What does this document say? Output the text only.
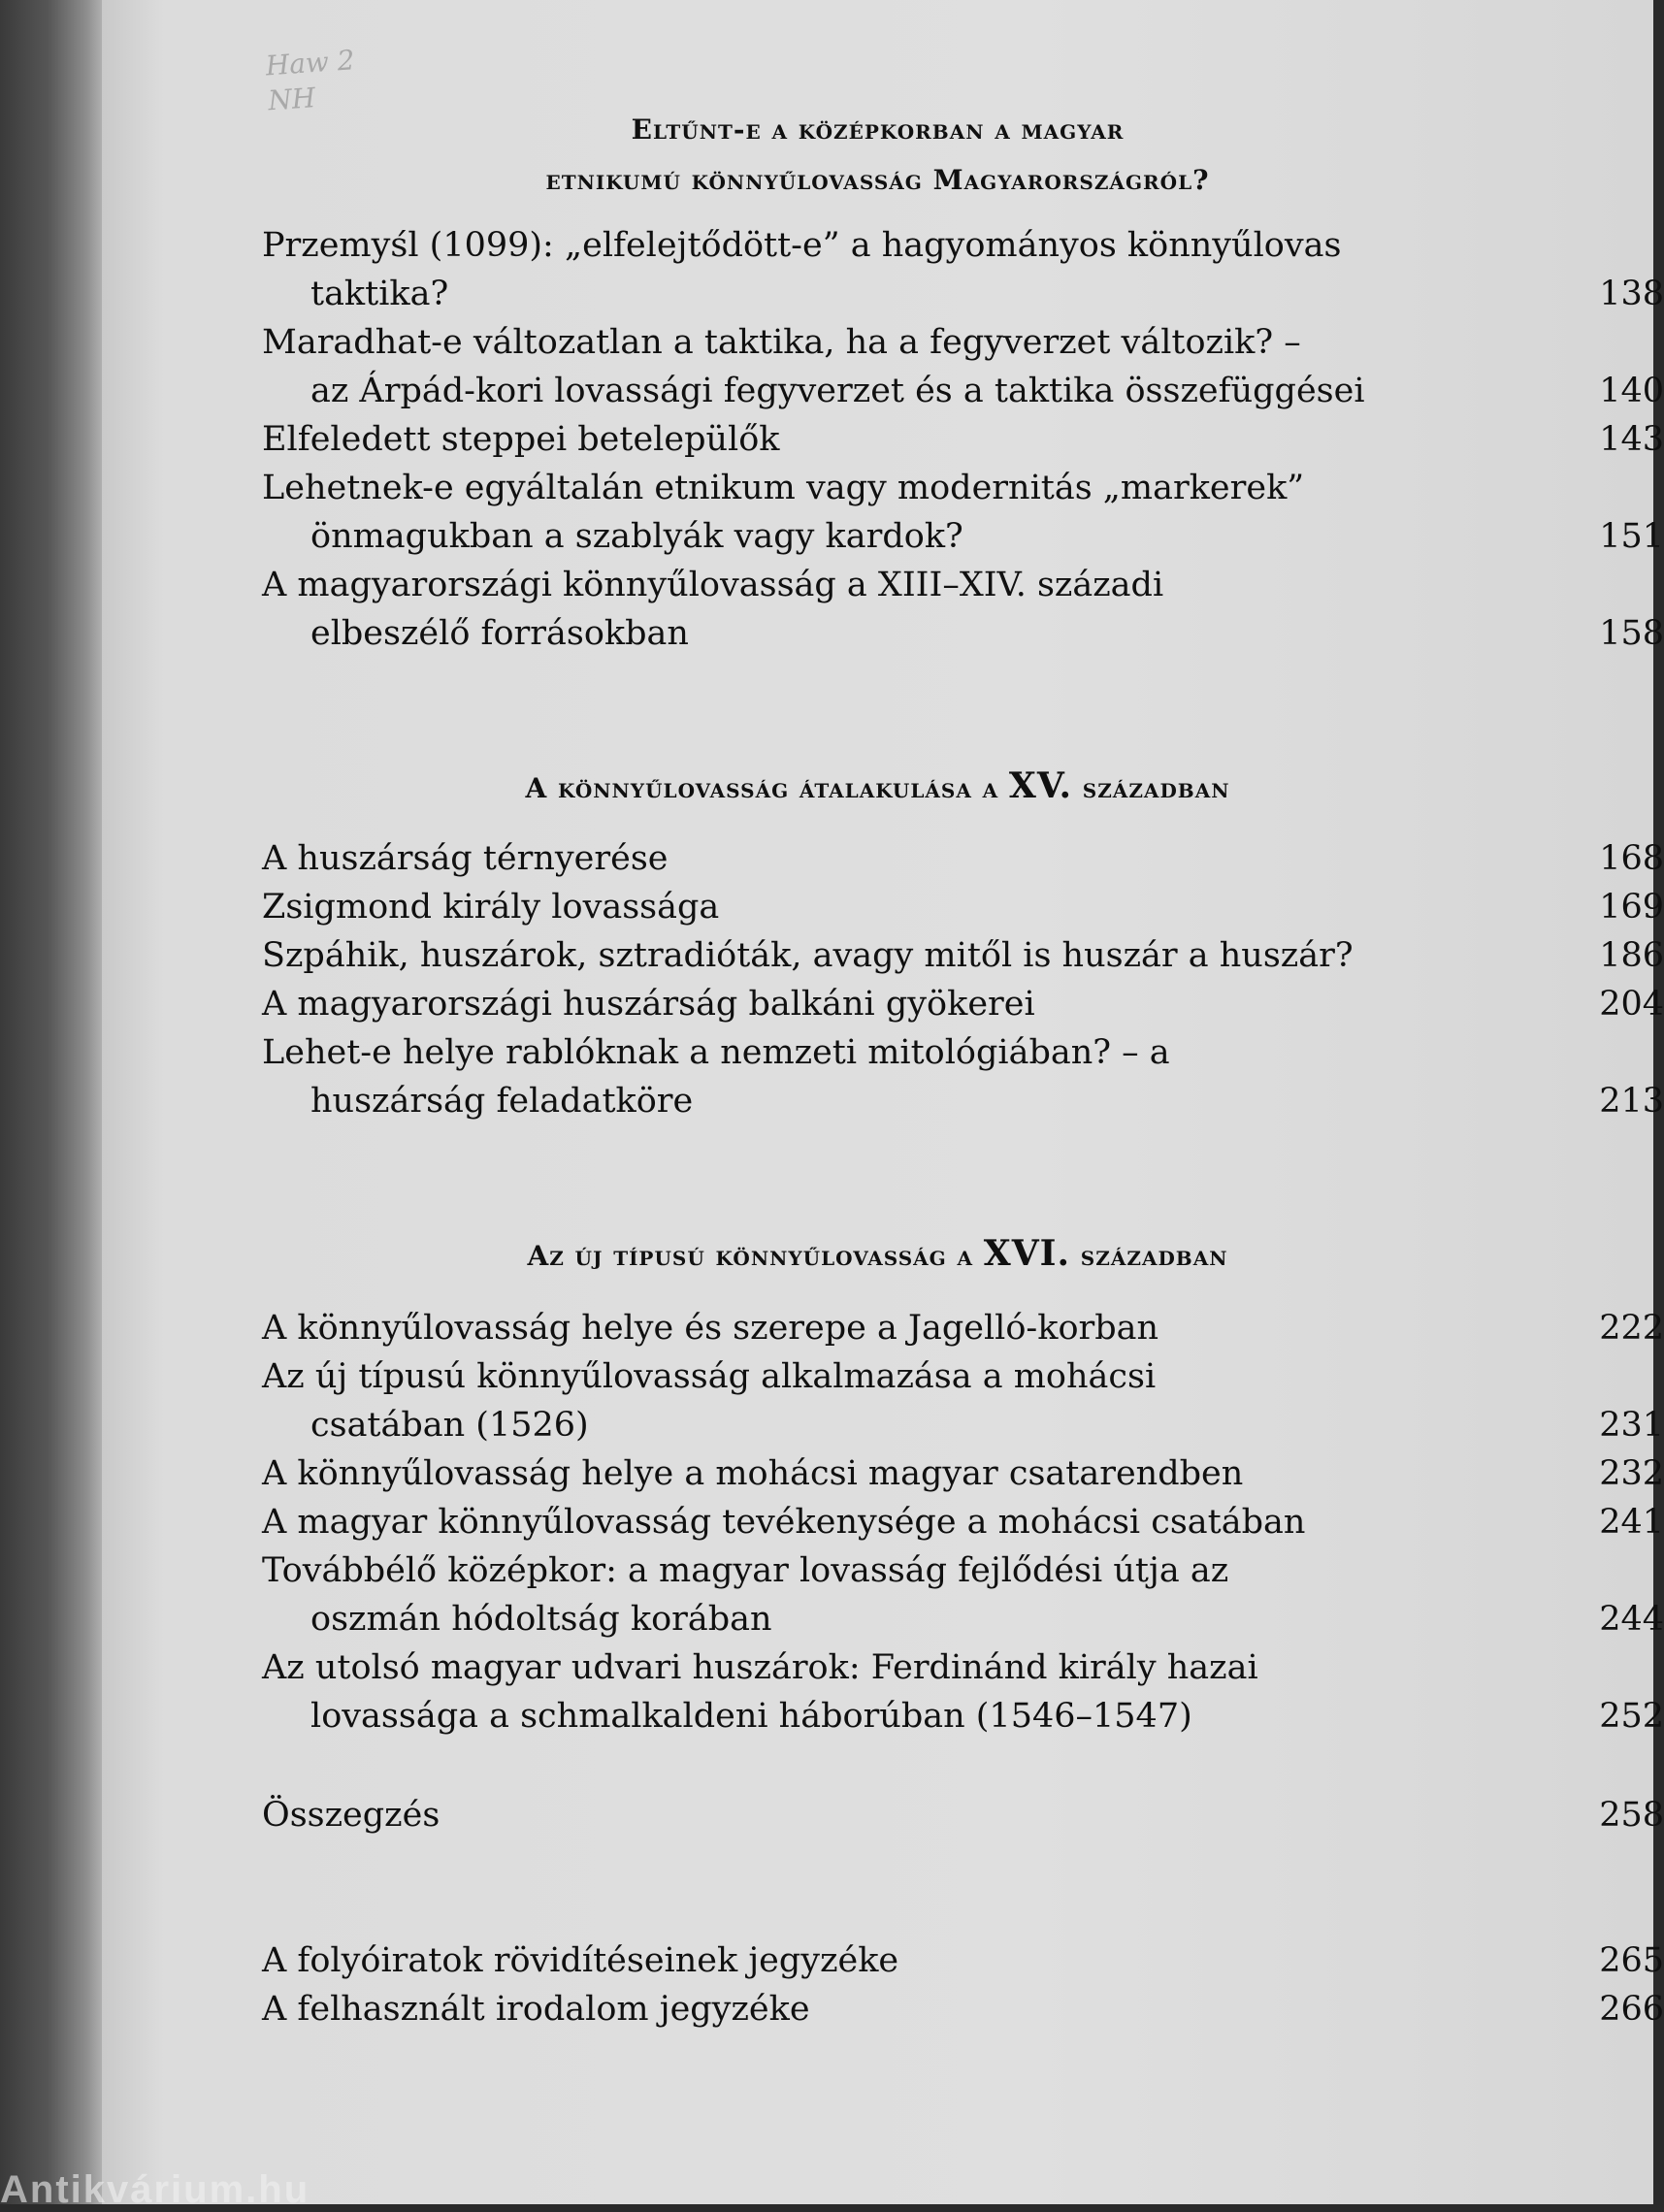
Haw 2
NH
Eltűnt-e a középkorban a magyar
etnikumú könnyűlovasság Magyarországról?
Przemyśl (1099): „elfelejtődött-e” a hagyományos könnyűlovas
taktika?	138
Maradhat-e változatlan a taktika, ha a fegyverzet változik? –
az Árpád-kori lovassági fegyverzet és a taktika összefüggései	140
Elfeledett steppei betelepülők	143
Lehetnek-e egyáltalán etnikum vagy modernitás „markerek”
önmagukban a szablyák vagy kardok?	151
A magyarországi könnyűlovasság a XIII–XIV. századi
elbeszélő forrásokban	158
A könnyűlovasság átalakulása a XV. században
A huszárság térnyerése	168
Zsigmond király lovassága	169
Szpáhik, huszárok, sztradióták, avagy mitől is huszár a huszár?	186
A magyarországi huszárság balkáni gyökerei	204
Lehet-e helye rablóknak a nemzeti mitológiában? – a
huszárság feladatköre	213
Az új típusú könnyűlovasság a XVI. században
A könnyűlovasság helye és szerepe a Jagelló-korban	222
Az új típusú könnyűlovasság alkalmazása a mohácsi
csatában (1526)	231
A könnyűlovasság helye a mohácsi magyar csatarendben	232
A magyar könnyűlovasság tevékenysége a mohácsi csatában	241
Továbbélő középkor: a magyar lovasság fejlődési útja az
oszmán hódoltság korában	244
Az utolsó magyar udvari huszárok: Ferdinánd király hazai
lovassága a schmalkaldeni háborúban (1546–1547)	252
Összegzés	258
A folyóiratok rövidítéseinek jegyzéke	265
A felhasznált irodalom jegyzéke	266
Antikvárium.hu
